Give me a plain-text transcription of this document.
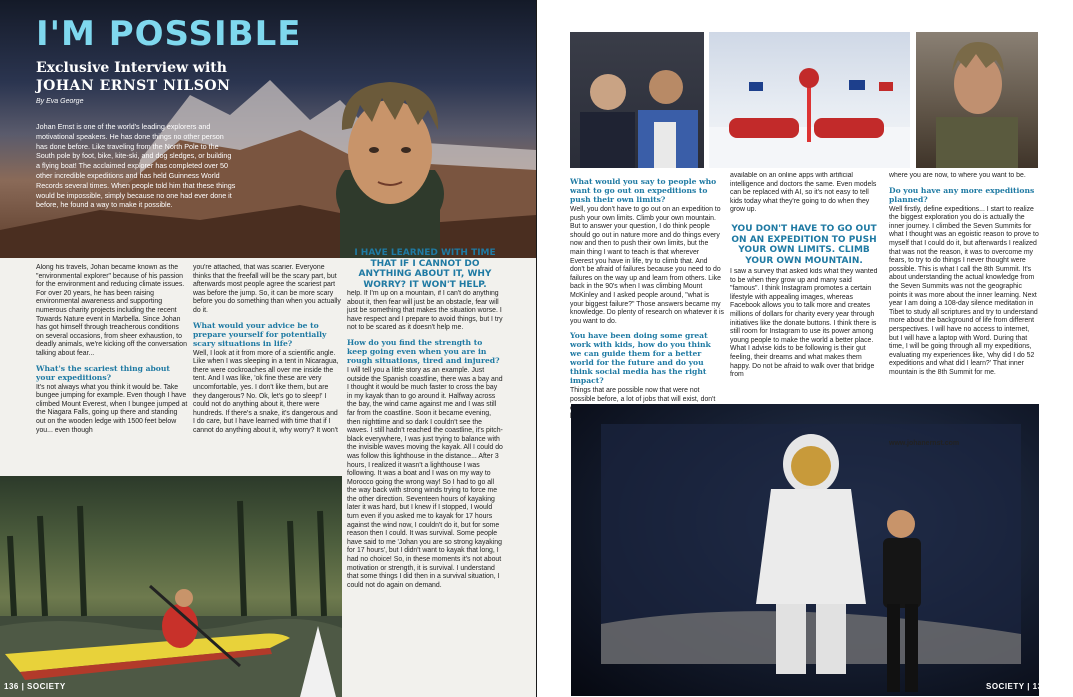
I'M POSSIBLE
Exclusive Interview with
JOHAN ERNST NILSON
By Eva George
Johan Ernst is one of the world's leading explorers and motivational speakers. He has done things no other person has done before. Like traveling from the North Pole to the South pole by foot, bike, kite-ski, and dog sledges, or building a flying boat! The acclaimed explorer has completed over 50 other incredible expeditions and has held Guinness World Records several times. When people told him that these things would be impossible, simply because no one had ever done it before, he found a way to make it possible.

Along his travels, Johan became known as the "environmental explorer" because of his passion for the environment and reducing climate issues. For over 20 years, he has been raising environmental awareness and supporting numerous charity projects including the recent Towards Nature event in Marbella. Since Johan has got himself through treacherous conditions on several occasions, from sheer exhaustion, to deadly animals, we're kicking off the conversation talking about fear...

What's the scariest thing about your expeditions?

It's not always what you think it would be. Take bungee jumping for example. Even though I have climbed Mount Everest, when I bungee jumped at the Niagara Falls, going up there and standing out on the wooden ledge with 1500 feet below you... even though

you're attached, that was scarier. Everyone thinks that the freefall will be the scary part, but afterwards most people agree the scariest part was before the jump. So, it can be more scary before you do something than when you actually do it.

What would your advice be to prepare yourself for potentially scary situations in life?

Well, I look at it from more of a scientific angle. Like when I was sleeping in a tent in Nicaragua, there were cockroaches all over me inside the tent. And I was like, 'ok fine these are very uncomfortable, yes. I don't like them, but are they dangerous? No. Ok, let's go to sleep!' I could not do anything about it, there were hundreds. If there's a snake, it's dangerous and I do care, but I have learned with time that if I cannot do anything about it, why worry? It won't

I HAVE LEARNED WITH TIME THAT IF I CANNOT DO ANYTHING ABOUT IT, WHY WORRY? IT WON'T HELP.

help. If I'm up on a mountain, if I can't do anything about it, then fear will just be an obstacle, fear will just be something that makes the situation worse. I have respect and I prepare to avoid things, but I try not to be scared as it doesn't help me.

How do you find the strength to keep going even when you are in rough situations, tired and injured?

I will tell you a little story as an example. Just outside the Spanish coastline, there was a bay and I thought it would be much faster to cross the bay in my kayak than to go around it. Halfway across the bay, the wind came against me and I was still far from the coastline. Soon it became evening, then nighttime and so dark I couldn't see the waves. I still hadn't reached the coastline, it's pitch-black everywhere, I was just trying to balance with the invisible waves moving the kayak. All I could do was follow this lighthouse in the distance... After 3 hours, I realized it wasn't a lighthouse I was following. It was a boat and I was on my way to Morocco going the wrong way! So I had to go all the way back with strong winds trying to force me the other direction. Seventeen hours of kayaking later it was hard, but I knew if I stopped, I would turn even if you asked me to kayak for 17 hours against the wind now, I couldn't do it, but for some reason then I could. It was survival. Some people have said to me 'Johan you are so strong kayaking for 17 hours', but I didn't want to kayak that long, I had no choice! So, in these moments it's not about motivation or strength, it is survival. I understand that some things I did then in a survival situation, I could not do again on demand.

136 | SOCIETY
What would you say to people who want to go out on expeditions to push their own limits?

Well, you don't have to go out on an expedition to push your own limits. Climb your own mountain. But to answer your question, I do think people should go out in nature more and do things every now and then to push their own limits, but the main thing I want to teach is that wherever Everest you have in life, try to climb that. And don't be afraid of failures because you need to do failures on the way up and learn from others. Like back in the 90's when I was climbing Mount McKinley and I asked people around, "what is your biggest failure?" Those answers became my knowledge. Do plenty of research on whatever it is you want to do.

You have been doing some great work with kids, how do you think we can guide them for a better world for the future and do you think social media has the right impact?

Things that are possible now that were not possible before, a lot of jobs that will exist, don't

available on an online apps with artificial intelligence and doctors the same. Even models can be replaced with AI, so it's not easy to tell kids today what they're going to do when they grow up.

YOU DON'T HAVE TO GO OUT ON AN EXPEDITION TO PUSH YOUR OWN LIMITS. CLIMB YOUR OWN MOUNTAIN.

I saw a survey that asked kids what they wanted to be when they grow up and many said "famous". I think Instagram promotes a certain lifestyle with appealing images, whereas Facebook allows you to talk more and creates millions of dollars for charity every year through initiatives like the donate buttons. I think there is still room for Instagram to use its power among young people to make the world a better place. What I advise kids to be following is their gut feeling, their dreams and what makes them happy. Do not be afraid to walk over that bridge from

where you are now, to where you want to be.

Do you have any more expeditions planned?

Well firstly, define expeditions... I start to realize the biggest exploration you do is actually the inner journey. I climbed the Seven Summits for what I thought was an egoistic reason to prove to myself that I could do it, but afterwards I realized that was not the reason, it was to overcome my fears, to try to do things I never thought were possible. This is what I call the 8th Summit. It's about understanding the actual knowledge from the Seven Summits was not the geographic points it was more about the inner learning. Next year I am doing a 108-day silence meditation in Tibet to study all scriptures and try to understand more about the background of life from different perspectives. I will have no access to internet, but I will have a laptop with Word. During that time, I will be going through all my expeditions, evaluating my experiences like, 'why did I do 52 expeditions and what did I learn?' That inner mountain is the 8th Summit for me.

www.johanernst.com
SOCIETY | 137
